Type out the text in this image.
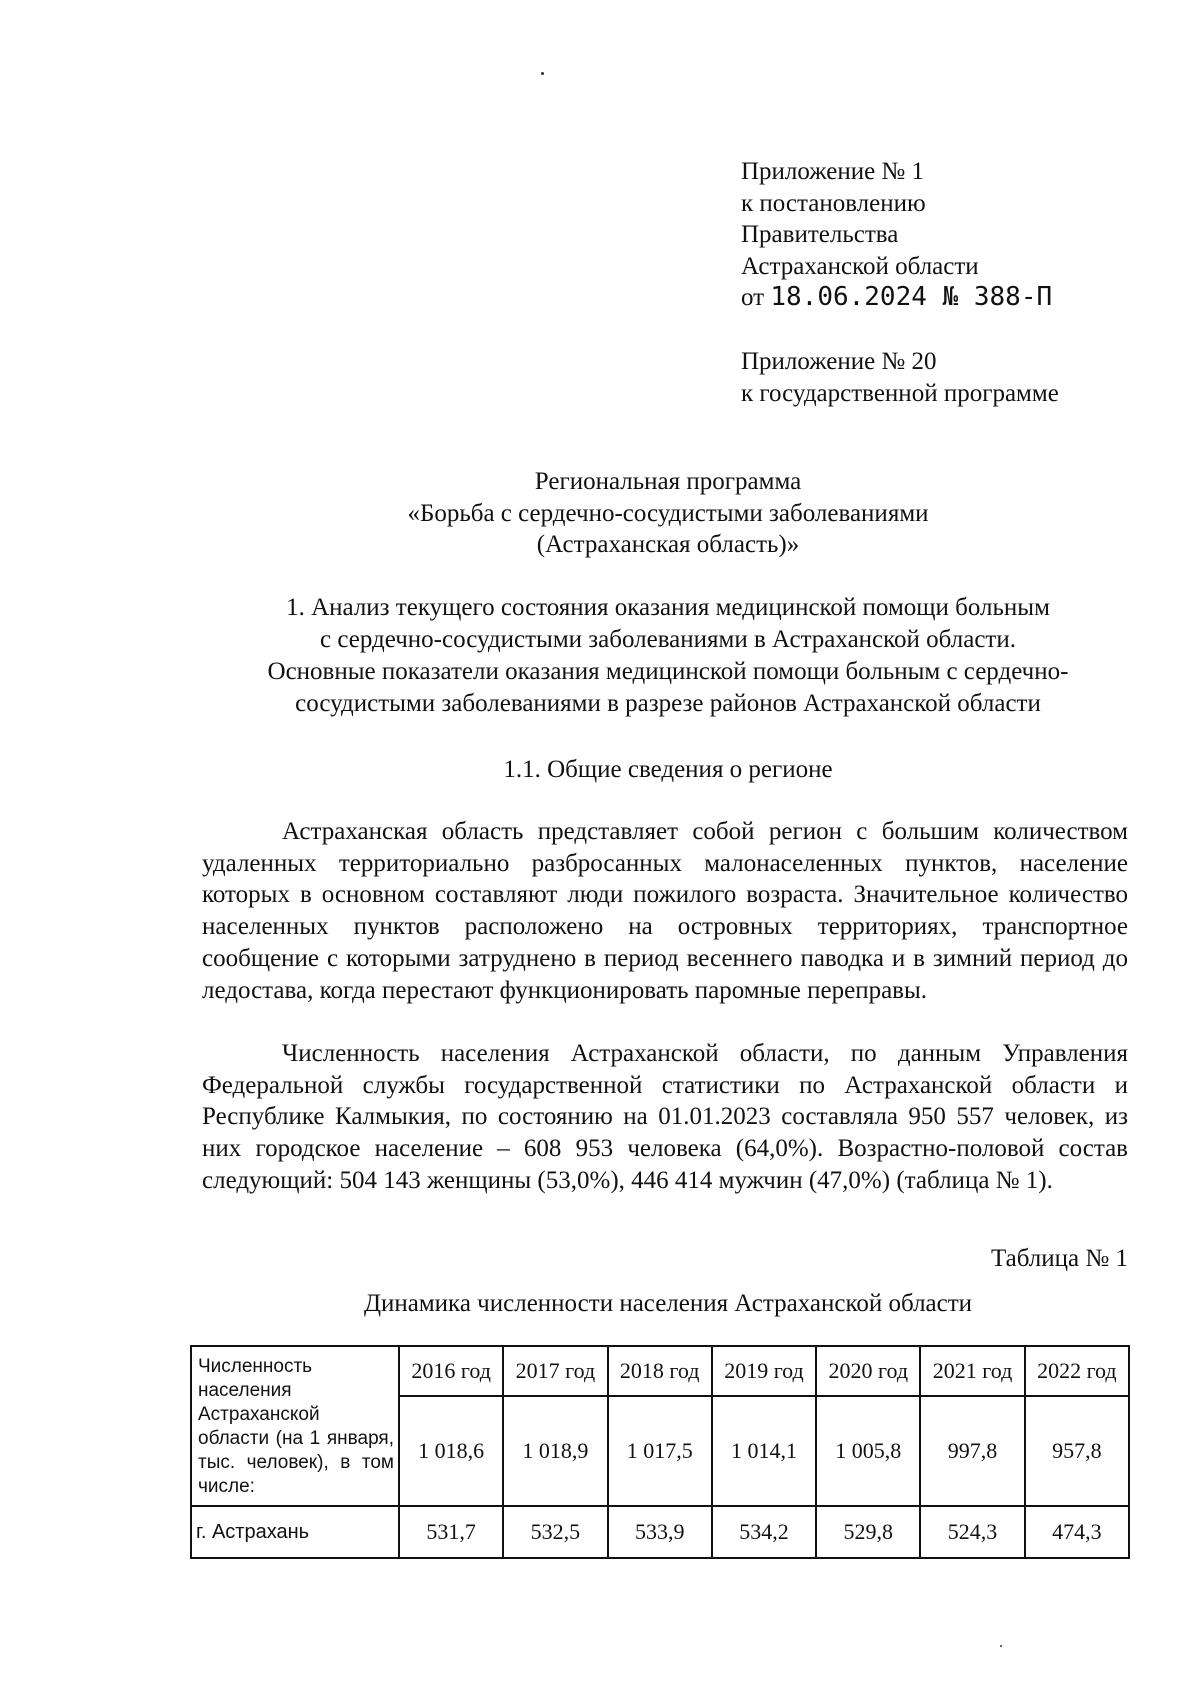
Приложение № 1

к постановлению

Правительства

Астраханской области

от 18.06.2024 № 388-П

Приложение № 20

к государственной программе

Региональная программа

«Борьба с сердечно-сосудистыми заболеваниями

(Астраханская область)»

1. Анализ текущего состояния оказания медицинской помощи больным

с сердечно-сосудистыми заболеваниями в Астраханской области.

Основные показатели оказания медицинской помощи больным с сердечно-

сосудистыми заболеваниями в разрезе районов Астраханской области

1.1. Общие сведения о регионе

Астраханская область представляет собой регион с большим количеством удаленных территориально разбросанных малонаселенных пунктов, население которых в основном составляют люди пожилого возраста. Значительное количество населенных пунктов расположено на островных территориях, транспортное сообщение с которыми затруднено в период весеннего паводка и в зимний период до ледостава, когда перестают функционировать паромные переправы.

Численность населения Астраханской области, по данным Управления Федеральной службы государственной статистики по Астраханской области и Республике Калмыкия, по состоянию на 01.01.2023 составляла 950 557 человек, из них городское население – 608 953 человека (64,0%). Возрастно-половой состав следующий: 504 143 женщины (53,0%), 446 414 мужчин (47,0%) (таблица № 1).

Таблица № 1
Динамика численности населения Астраханской области
Численность населения Астраханской области (на 1 января, тыс. человек), в том числе:	2016 год	2017 год	2018 год	2019 год	2020 год	2021 год	2022 год
	1 018,6	1 018,9	1 017,5	1 014,1	1 005,8	997,8	957,8
г. Астрахань	531,7	532,5	533,9	534,2	529,8	524,3	474,3
